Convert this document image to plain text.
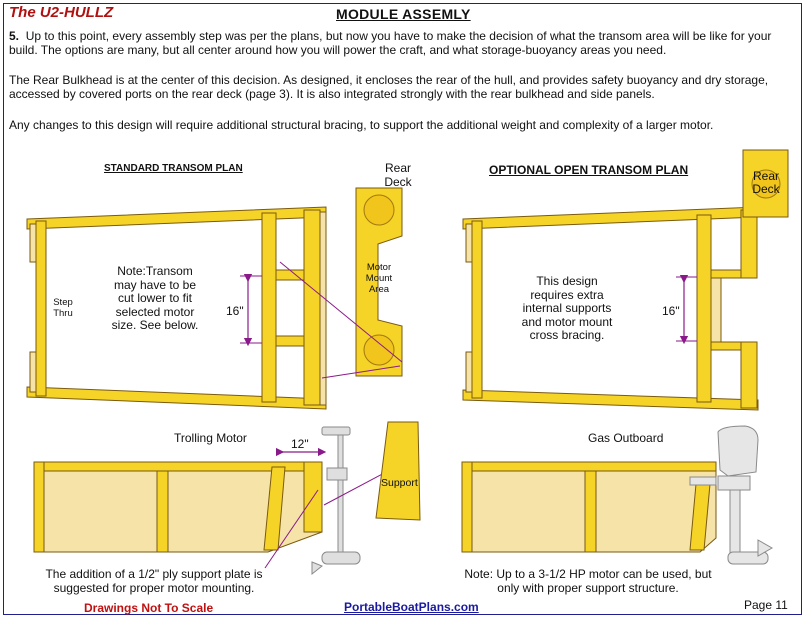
The U2-HULLZ	MODULE ASSEMLY

5. Up to this point, every assembly step was per the plans, but now you have to make the decision of what the transom area will be like for your build. The options are many, but all center around how you will power the craft, and what storage-buoyancy areas you need.

The Rear Bulkhead is at the center of this decision. As designed, it encloses the rear of the hull, and provides safety buoyancy and dry storage, accessed by covered ports on the rear deck (page 3). It is also integrated strongly with the rear bulkhead and side panels.

Any changes to this design will require additional structural bracing, to support the additional weight and complexity of a larger motor.

STANDARD TRANSOM PLAN	OPTIONAL OPEN TRANSOM PLAN
Rear Deck
Motor Mount Area
Step Thru
Note:Transom may have to be cut lower to fit selected motor size. See below.
16"
Rear Deck
This design requires extra internal supports and motor mount cross bracing.
16"
Trolling Motor	12"
Support
The addition of a 1/2" ply support plate is suggested for proper motor mounting.
Gas Outboard
Note: Up to a 3-1/2 HP motor can be used, but only with proper support structure.
Drawings Not To Scale	PortableBoatPlans.com	Page 11
